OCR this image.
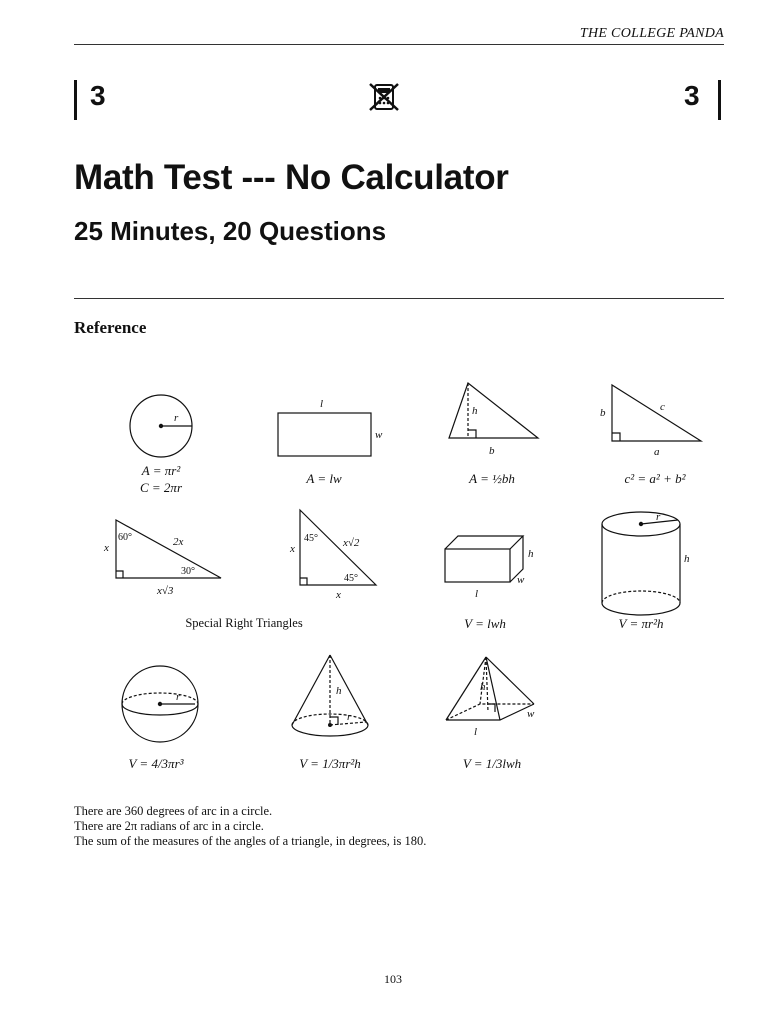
THE COLLEGE PANDA
3	3
Math Test --- No Calculator
25 Minutes, 20 Questions
Reference
r
l
w
h
b
b	c
a
x	2x
x√3
x
x
x√2
h
w
l
r
h
r	h
r
h
w
l
60°
30°
45°
45°
A = πr²
C = 2πr
A = lw	A = ½bh	c² = a² + b²
V = lwh	V = πr²h
V = 4/3πr³	V = 1/3πr²h	V = 1/3lwh
Special Right Triangles
There are 360 degrees of arc in a circle.
There are 2π radians of arc in a circle.
The sum of the measures of the angles of a triangle, in degrees, is 180.
103
